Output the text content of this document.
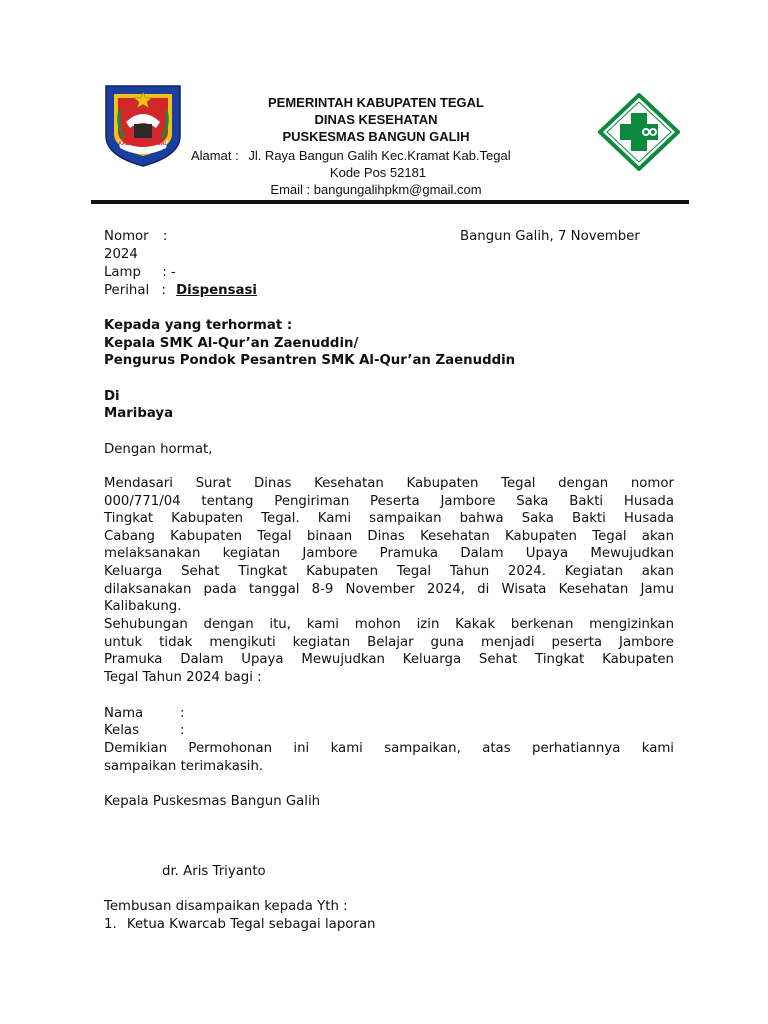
KABUPATEN TEGAL
PEMERINTAH KABUPATEN TEGAL
DINAS KESEHATAN
PUSKESMAS BANGUN GALIH
Alamat : Jl. Raya Bangun Galih Kec.Kramat Kab.Tegal
Kode Pos 52181
Email : bangungalihpkm@gmail.com
Nomor :	Bangun Galih, 7 November
2024
Lamp : -
Perihal : Dispensasi
Kepada yang terhormat :
Kepala SMK Al-Qur’an Zaenuddin/
Pengurus Pondok Pesantren SMK Al-Qur’an Zaenuddin
Di
Maribaya
Dengan hormat,
Mendasari Surat Dinas Kesehatan Kabupaten Tegal dengan nomor
000/771/04 tentang Pengiriman Peserta Jambore Saka Bakti Husada
Tingkat Kabupaten Tegal. Kami sampaikan bahwa Saka Bakti Husada
Cabang Kabupaten Tegal binaan Dinas Kesehatan Kabupaten Tegal akan
melaksanakan kegiatan Jambore Pramuka Dalam Upaya Mewujudkan
Keluarga Sehat Tingkat Kabupaten Tegal Tahun 2024. Kegiatan akan
dilaksanakan pada tanggal 8-9 November 2024, di Wisata Kesehatan Jamu
Kalibakung.
Sehubungan dengan itu, kami mohon izin Kakak berkenan mengizinkan
untuk tidak mengikuti kegiatan Belajar guna menjadi peserta Jambore
Pramuka Dalam Upaya Mewujudkan Keluarga Sehat Tingkat Kabupaten
Tegal Tahun 2024 bagi :
Nama	:
Kelas	:
Demikian Permohonan ini kami sampaikan, atas perhatiannya kami
sampaikan terimakasih.
Kepala Puskesmas Bangun Galih
dr. Aris Triyanto
Tembusan disampaikan kepada Yth :
1. Ketua Kwarcab Tegal sebagai laporan
